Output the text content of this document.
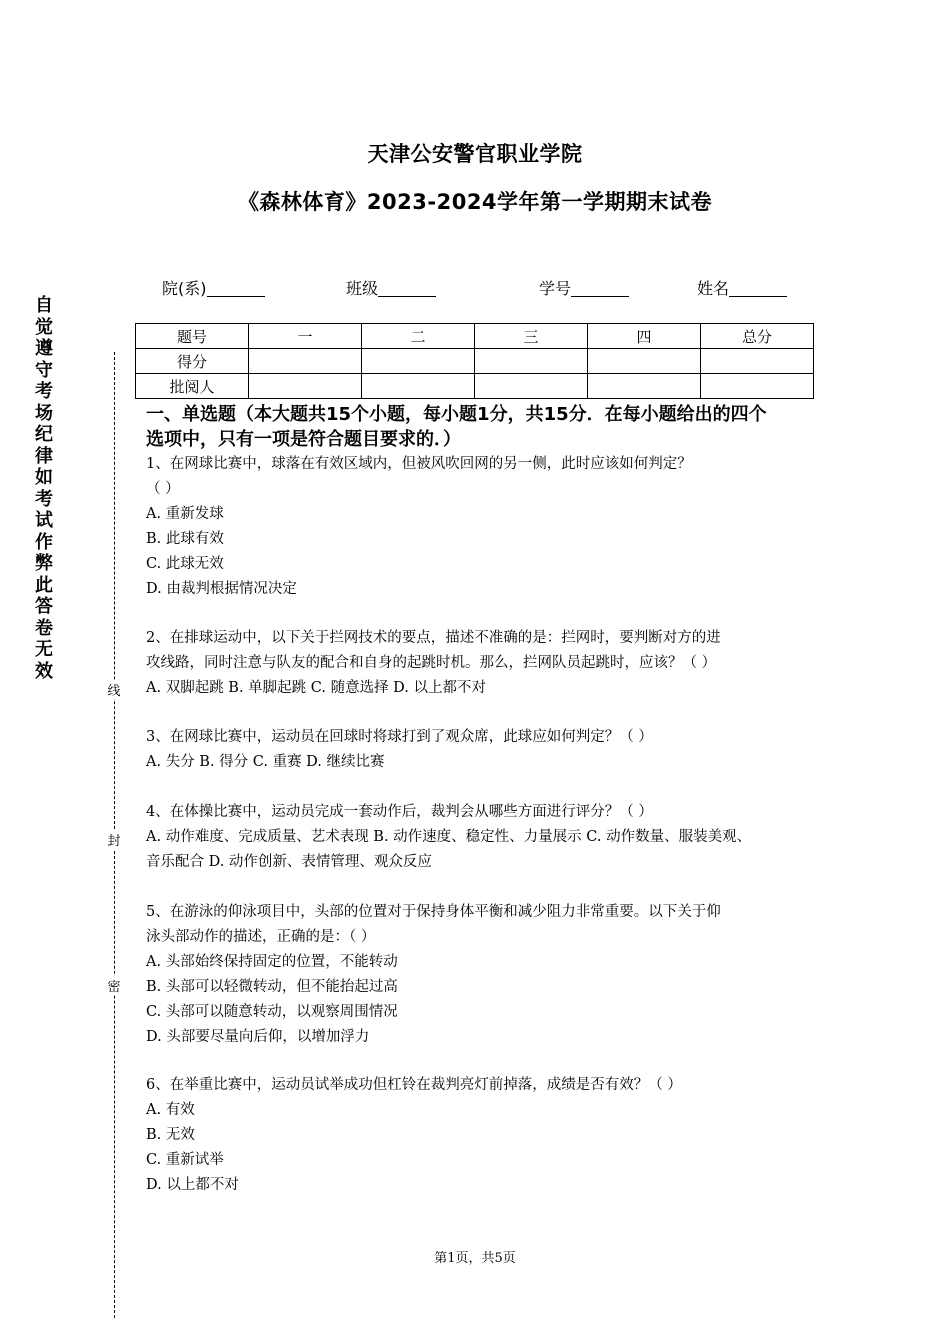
天津公安警官职业学院
《森林体育》2023-2024学年第一学期期末试卷
院(系)	班级	学号	姓名
题号	一	二	三	四	总分
得分					
批阅人					
自觉遵守考场纪律如考试作弊此答卷无效
线
封
密
一、单选题（本大题共15个小题，每小题1分，共15分．在每小题给出的四个
选项中，只有一项是符合题目要求的．）
1、在网球比赛中，球落在有效区域内，但被风吹回网的另一侧，此时应该如何判定？
（ ）
A. 重新发球
B. 此球有效
C. 此球无效
D. 由裁判根据情况决定
2、在排球运动中，以下关于拦网技术的要点，描述不准确的是：拦网时，要判断对方的进
攻线路，同时注意与队友的配合和自身的起跳时机。那么，拦网队员起跳时，应该？（ ）
A. 双脚起跳 B. 单脚起跳 C. 随意选择 D. 以上都不对
3、在网球比赛中，运动员在回球时将球打到了观众席，此球应如何判定？（ ）
A. 失分 B. 得分 C. 重赛 D. 继续比赛
4、在体操比赛中，运动员完成一套动作后，裁判会从哪些方面进行评分？（ ）
A. 动作难度、完成质量、艺术表现 B. 动作速度、稳定性、力量展示 C. 动作数量、服装美观、
音乐配合 D. 动作创新、表情管理、观众反应
5、在游泳的仰泳项目中，头部的位置对于保持身体平衡和减少阻力非常重要。以下关于仰
泳头部动作的描述，正确的是：（ ）
A. 头部始终保持固定的位置，不能转动
B. 头部可以轻微转动，但不能抬起过高
C. 头部可以随意转动，以观察周围情况
D. 头部要尽量向后仰，以增加浮力
6、在举重比赛中，运动员试举成功但杠铃在裁判亮灯前掉落，成绩是否有效？（ ）
A. 有效
B. 无效
C. 重新试举
D. 以上都不对
第1页，共5页
